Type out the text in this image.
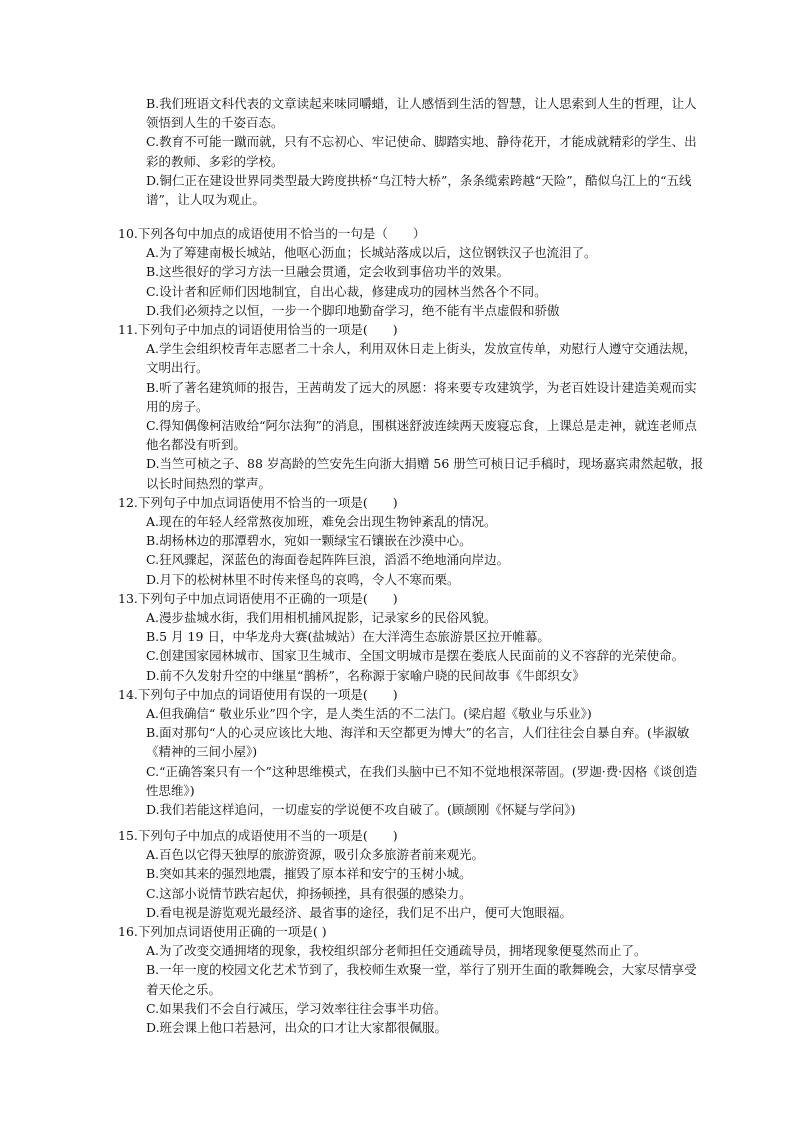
B.我们班语文科代表的文章读起来味同嚼蜡，让人感悟到生活的智慧，让人思索到人生的哲理，让人领悟到人生的千姿百态。

C.教育不可能一蹴而就，只有不忘初心、牢记使命、脚踏实地、静待花开，才能成就精彩的学生、出彩的教师、多彩的学校。

D.铜仁正在建设世界同类型最大跨度拱桥“乌江特大桥”，条条缆索跨越“天险”，酷似乌江上的“五线谱”，让人叹为观止。

10.下列各句中加点的成语使用不恰当的一句是（　　）

A.为了筹建南极长城站，他呕心沥血；长城站落成以后，这位钢铁汉子也流泪了。

B.这些很好的学习方法一旦融会贯通，定会收到事倍功半的效果。

C.设计者和匠师们因地制宜，自出心裁，修建成功的园林当然各个不同。

D.我们必须持之以恒，一步一个脚印地勤奋学习，绝不能有半点虚假和骄傲

11.下列句子中加点的词语使用恰当的一项是(　　)

A.学生会组织校青年志愿者二十余人，利用双休日走上街头，发放宣传单，劝慰行人遵守交通法规，文明出行。

B.听了著名建筑师的报告，王茜萌发了远大的夙愿：将来要专攻建筑学，为老百姓设计建造美观而实用的房子。

C.得知偶像柯洁败给“阿尔法狗”的消息，围棋迷舒波连续两天废寝忘食，上课总是走神，就连老师点他名都没有听到。

D.当竺可桢之子、88 岁高龄的竺安先生向浙大捐赠 56 册竺可桢日记手稿时，现场嘉宾肃然起敬，报以长时间热烈的掌声。

12.下列句子中加点词语使用不恰当的一项是(　　)

A.现在的年轻人经常熬夜加班，难免会出现生物钟紊乱的情况。

B.胡杨林边的那潭碧水，宛如一颗绿宝石镶嵌在沙漠中心。

C.狂风骤起，深蓝色的海面卷起阵阵巨浪，滔滔不绝地涌向岸边。

D.月下的松树林里不时传来怪鸟的哀鸣，令人不寒而栗。

13.下列句子中加点词语使用不正确的一项是(　　)

A.漫步盐城水街，我们用相机捕风捉影，记录家乡的民俗风貌。

B.5 月 19 日，中华龙舟大赛(盐城站）在大洋湾生态旅游景区拉开帷幕。

C.创建国家园林城市、国家卫生城市、全国文明城市是摆在娄底人民面前的义不容辞的光荣使命。

D.前不久发射升空的中继星“鹊桥”，名称源于家喻户晓的民间故事《牛郎织女》

14.下列句子中加点的词语使用有误的一项是(　　)

A.但我确信“ 敬业乐业”四个字，是人类生活的不二法门。(梁启超《敬业与乐业》)

B.面对那句“人的心灵应该比大地、海洋和天空都更为博大”的名言，人们往往会自暴自弃。(毕淑敏《精神的三间小屋》)

C.“正确答案只有一个”这种思维模式，在我们头脑中已不知不觉地根深蒂固。(罗迦·费·因格《谈创造性思维》)

D.我们若能这样追问，一切虚妄的学说便不攻自破了。(顾颉刚《怀疑与学问》)

15.下列句子中加点的成语使用不当的一项是(　　)

A.百色以它得天独厚的旅游资源，吸引众多旅游者前来观光。

B.突如其来的强烈地震，摧毁了原本祥和安宁的玉树小城。

C.这部小说情节跌宕起伏，抑扬顿挫，具有很强的感染力。

D.看电视是游览观光最经济、最省事的途径，我们足不出户，便可大饱眼福。

16.下列加点词语使用正确的一项是( )

A.为了改变交通拥堵的现象，我校组织部分老师担任交通疏导员，拥堵现象便戛然而止了。

B.一年一度的校园文化艺术节到了，我校师生欢聚一堂，举行了别开生面的歌舞晚会，大家尽情享受着天伦之乐。

C.如果我们不会自行减压，学习效率往往会事半功倍。

D.班会课上他口若悬河，出众的口才让大家都很佩服。
